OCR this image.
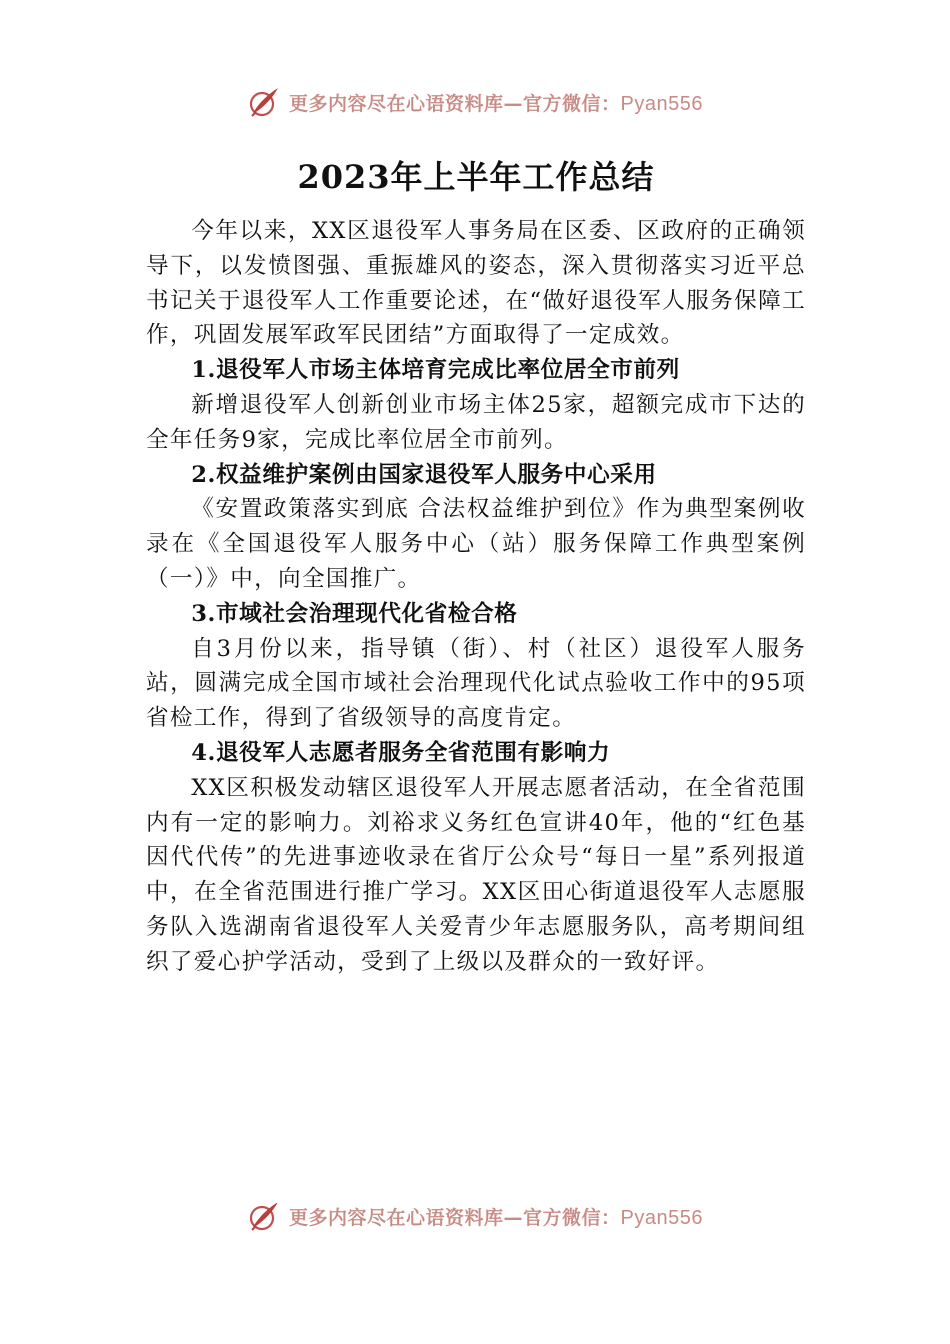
更多内容尽在心语资料库—官方微信：Pyan556
2023年上半年工作总结

今年以来，XX区退役军人事务局在区委、区政府的正确领导下，以发愤图强、重振雄风的姿态，深入贯彻落实习近平总书记关于退役军人工作重要论述，在“做好退役军人服务保障工作，巩固发展军政军民团结”方面取得了一定成效。

1.退役军人市场主体培育完成比率位居全市前列

新增退役军人创新创业市场主体25家，超额完成市下达的全年任务9家，完成比率位居全市前列。

2.权益维护案例由国家退役军人服务中心采用

《安置政策落实到底 合法权益维护到位》作为典型案例收录在《全国退役军人服务中心（站）服务保障工作典型案例（一）》中，向全国推广。

3.市域社会治理现代化省检合格

自3月份以来，指导镇（街）、村（社区）退役军人服务站，圆满完成全国市域社会治理现代化试点验收工作中的95项省检工作，得到了省级领导的高度肯定。

4.退役军人志愿者服务全省范围有影响力

XX区积极发动辖区退役军人开展志愿者活动，在全省范围内有一定的影响力。刘裕求义务红色宣讲40年，他的“红色基因代代传”的先进事迹收录在省厅公众号“每日一星”系列报道中，在全省范围进行推广学习。XX区田心街道退役军人志愿服务队入选湖南省退役军人关爱青少年志愿服务队，高考期间组织了爱心护学活动，受到了上级以及群众的一致好评。

更多内容尽在心语资料库—官方微信：Pyan556
